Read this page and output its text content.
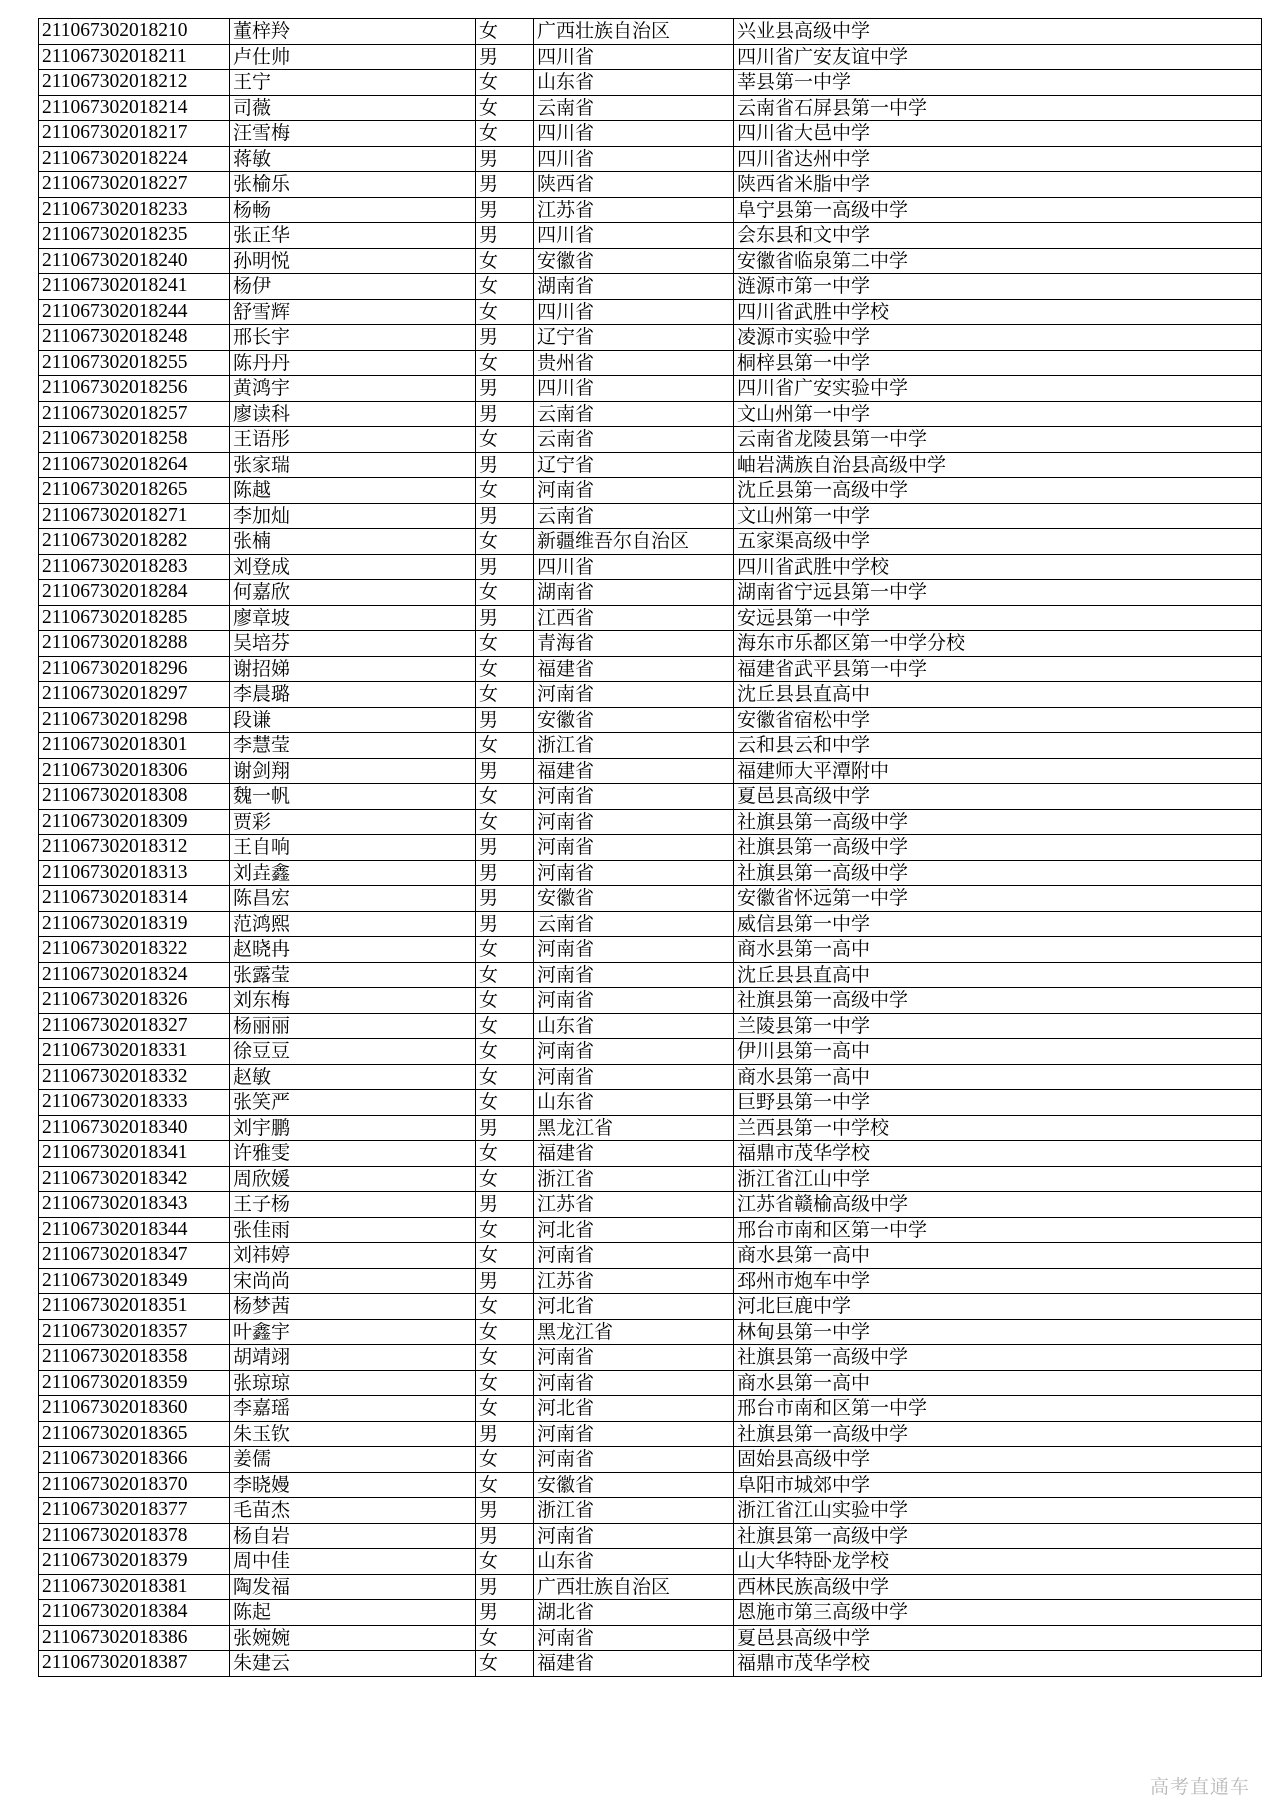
211067302018210	董梓羚	女	广西壮族自治区	兴业县高级中学
211067302018211	卢仕帅	男	四川省	四川省广安友谊中学
211067302018212	王宁	女	山东省	莘县第一中学
211067302018214	司薇	女	云南省	云南省石屏县第一中学
211067302018217	汪雪梅	女	四川省	四川省大邑中学
211067302018224	蒋敏	男	四川省	四川省达州中学
211067302018227	张榆乐	男	陕西省	陕西省米脂中学
211067302018233	杨畅	男	江苏省	阜宁县第一高级中学
211067302018235	张正华	男	四川省	会东县和文中学
211067302018240	孙明悦	女	安徽省	安徽省临泉第二中学
211067302018241	杨伊	女	湖南省	涟源市第一中学
211067302018244	舒雪辉	女	四川省	四川省武胜中学校
211067302018248	邢长宇	男	辽宁省	凌源市实验中学
211067302018255	陈丹丹	女	贵州省	桐梓县第一中学
211067302018256	黄鸿宇	男	四川省	四川省广安实验中学
211067302018257	廖读科	男	云南省	文山州第一中学
211067302018258	王语彤	女	云南省	云南省龙陵县第一中学
211067302018264	张家瑞	男	辽宁省	岫岩满族自治县高级中学
211067302018265	陈越	女	河南省	沈丘县第一高级中学
211067302018271	李加灿	男	云南省	文山州第一中学
211067302018282	张楠	女	新疆维吾尔自治区	五家渠高级中学
211067302018283	刘登成	男	四川省	四川省武胜中学校
211067302018284	何嘉欣	女	湖南省	湖南省宁远县第一中学
211067302018285	廖章坡	男	江西省	安远县第一中学
211067302018288	吴培芬	女	青海省	海东市乐都区第一中学分校
211067302018296	谢招娣	女	福建省	福建省武平县第一中学
211067302018297	李晨璐	女	河南省	沈丘县县直高中
211067302018298	段谦	男	安徽省	安徽省宿松中学
211067302018301	李慧莹	女	浙江省	云和县云和中学
211067302018306	谢剑翔	男	福建省	福建师大平潭附中
211067302018308	魏一帆	女	河南省	夏邑县高级中学
211067302018309	贾彩	女	河南省	社旗县第一高级中学
211067302018312	王自响	男	河南省	社旗县第一高级中学
211067302018313	刘垚鑫	男	河南省	社旗县第一高级中学
211067302018314	陈昌宏	男	安徽省	安徽省怀远第一中学
211067302018319	范鸿熙	男	云南省	威信县第一中学
211067302018322	赵晓冉	女	河南省	商水县第一高中
211067302018324	张露莹	女	河南省	沈丘县县直高中
211067302018326	刘东梅	女	河南省	社旗县第一高级中学
211067302018327	杨丽丽	女	山东省	兰陵县第一中学
211067302018331	徐豆豆	女	河南省	伊川县第一高中
211067302018332	赵敏	女	河南省	商水县第一高中
211067302018333	张笑严	女	山东省	巨野县第一中学
211067302018340	刘宇鹏	男	黑龙江省	兰西县第一中学校
211067302018341	许雅雯	女	福建省	福鼎市茂华学校
211067302018342	周欣媛	女	浙江省	浙江省江山中学
211067302018343	王子杨	男	江苏省	江苏省赣榆高级中学
211067302018344	张佳雨	女	河北省	邢台市南和区第一中学
211067302018347	刘祎婷	女	河南省	商水县第一高中
211067302018349	宋尚尚	男	江苏省	邳州市炮车中学
211067302018351	杨梦茜	女	河北省	河北巨鹿中学
211067302018357	叶鑫宇	女	黑龙江省	林甸县第一中学
211067302018358	胡靖翊	女	河南省	社旗县第一高级中学
211067302018359	张琼琼	女	河南省	商水县第一高中
211067302018360	李嘉瑶	女	河北省	邢台市南和区第一中学
211067302018365	朱玉钦	男	河南省	社旗县第一高级中学
211067302018366	姜儒	女	河南省	固始县高级中学
211067302018370	李晓嫚	女	安徽省	阜阳市城郊中学
211067302018377	毛苗杰	男	浙江省	浙江省江山实验中学
211067302018378	杨自岩	男	河南省	社旗县第一高级中学
211067302018379	周中佳	女	山东省	山大华特卧龙学校
211067302018381	陶发福	男	广西壮族自治区	西林民族高级中学
211067302018384	陈起	男	湖北省	恩施市第三高级中学
211067302018386	张婉婉	女	河南省	夏邑县高级中学
211067302018387	朱建云	女	福建省	福鼎市茂华学校
高考直通车
